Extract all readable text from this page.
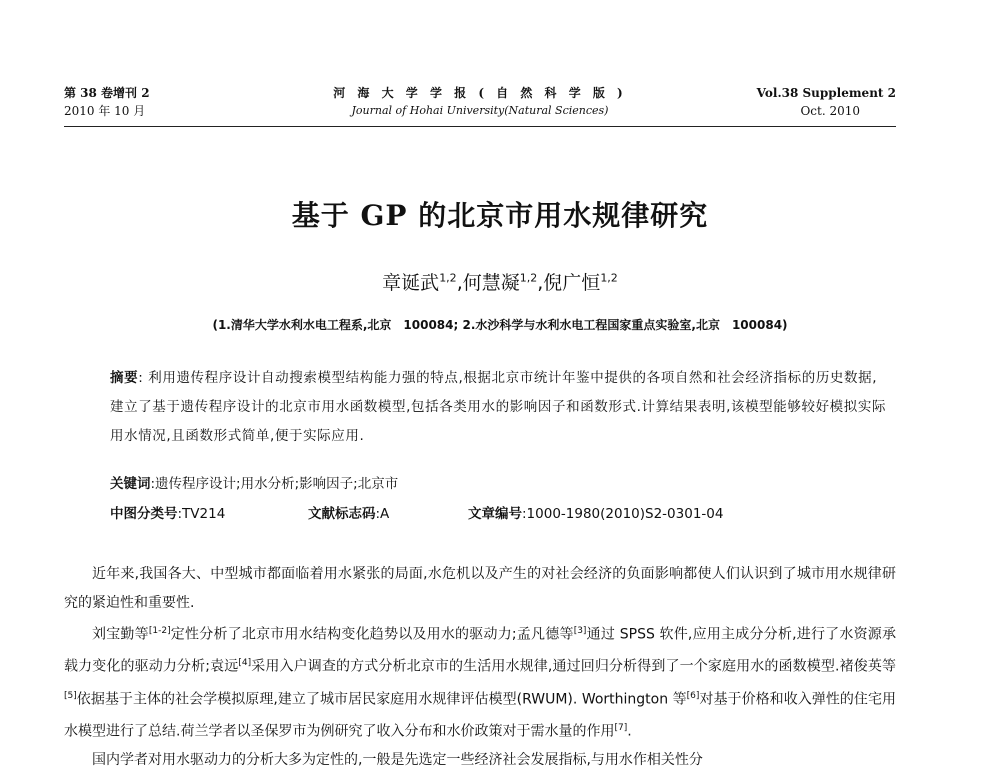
第 38 卷增刊 2
2010 年 10 月
河 海 大 学 学 报 ( 自 然 科 学 版 )
Journal of Hohai University(Natural Sciences)
Vol.38 Supplement 2
Oct. 2010
基于 GP 的北京市用水规律研究
章诞武$^{1,2}$,何慧凝$^{1,2}$,倪广恒$^{1,2}$
(1.清华大学水利水电工程系,北京　100084; 2.水沙科学与水利水电工程国家重点实验室,北京　100084)
摘要: 利用遗传程序设计自动搜索模型结构能力强的特点,根据北京市统计年鉴中提供的各项自然和社会经济指标的历史数据,建立了基于遗传程序设计的北京市用水函数模型,包括各类用水的影响因子和函数形式.计算结果表明,该模型能够较好模拟实际用水情况,且函数形式简单,便于实际应用.
关键词:遗传程序设计;用水分析;影响因子;北京市
中图分类号:TV214	文献标志码:A	文章编号:1000-1980(2010)S2-0301-04

近年来,我国各大、中型城市都面临着用水紧张的局面,水危机以及产生的对社会经济的负面影响都使人们认识到了城市用水规律研究的紧迫性和重要性.

刘宝勤等[1-2]定性分析了北京市用水结构变化趋势以及用水的驱动力;孟凡德等[3]通过 SPSS 软件,应用主成分分析,进行了水资源承载力变化的驱动力分析;袁远[4]采用入户调查的方式分析北京市的生活用水规律,通过回归分析得到了一个家庭用水的函数模型.褚俊英等[5]依据基于主体的社会学模拟原理,建立了城市居民家庭用水规律评估模型(RWUM). Worthington 等[6]对基于价格和收入弹性的住宅用水模型进行了总结.荷兰学者以圣保罗市为例研究了收入分布和水价政策对于需水量的作用[7].

国内学者对用水驱动力的分析大多为定性的,一般是先选定一些经济社会发展指标,与用水作相关性分
